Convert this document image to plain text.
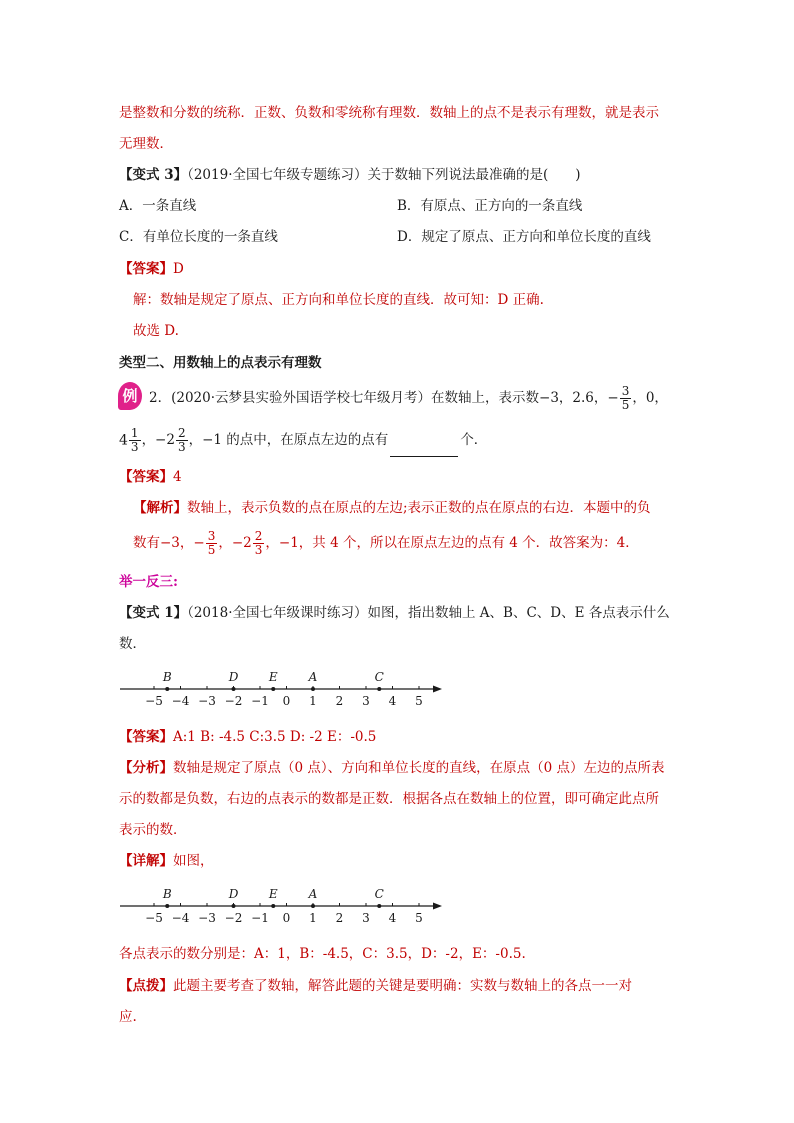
是整数和分数的统称．正数、负数和零统称有理数．数轴上的点不是表示有理数，就是表示
无理数．
【变式 3】（2019·全国七年级专题练习）关于数轴下列说法最准确的是(　　)
A．一条直线	B．有原点、正方向的一条直线
C．有单位长度的一条直线	D．规定了原点、正方向和单位长度的直线
【答案】D
解：数轴是规定了原点、正方向和单位长度的直线．故可知：D 正确.
故选 D.
类型二、用数轴上的点表示有理数
例 2．(2020·云梦县实验外国语学校七年级月考）在数轴上，表示数−3，2.6，− $\frac{3}{5}$ ，0，
$4 \frac{1}{3}$ ，$-2 \frac{2}{3}$ ，−1 的点中，在原点左边的点有	个．
【答案】4
【解析】数轴上，表示负数的点在原点的左边;表示正数的点在原点的右边．本题中的负
数有−3，− $\frac{3}{5}$ ，$-2 \frac{2}{3}$ ，−1，共 4 个，所以在原点左边的点有 4 个．故答案为：4．
举一反三:
【变式 1】（2018·全国七年级课时练习）如图，指出数轴上 A、B、C、D、E 各点表示什么
数．
−5 −4 −3 −2 −1 0 1 2 3 4 5
B	D	E	A	C
【答案】A:1 B: -4.5 C:3.5 D: -2 E：-0.5
【分析】数轴是规定了原点（0 点）、方向和单位长度的直线，在原点（0 点）左边的点所表
示的数都是负数，右边的点表示的数都是正数．根据各点在数轴上的位置，即可确定此点所
表示的数．
【详解】如图，
−5 −4 −3 −2 −1 0 1 2 3 4 5
B	D	E	A	C
各点表示的数分别是：A：1，B：-4.5，C：3.5，D：-2，E：-0.5.
【点拨】此题主要考查了数轴，解答此题的关键是要明确：实数与数轴上的各点一一对
应.
